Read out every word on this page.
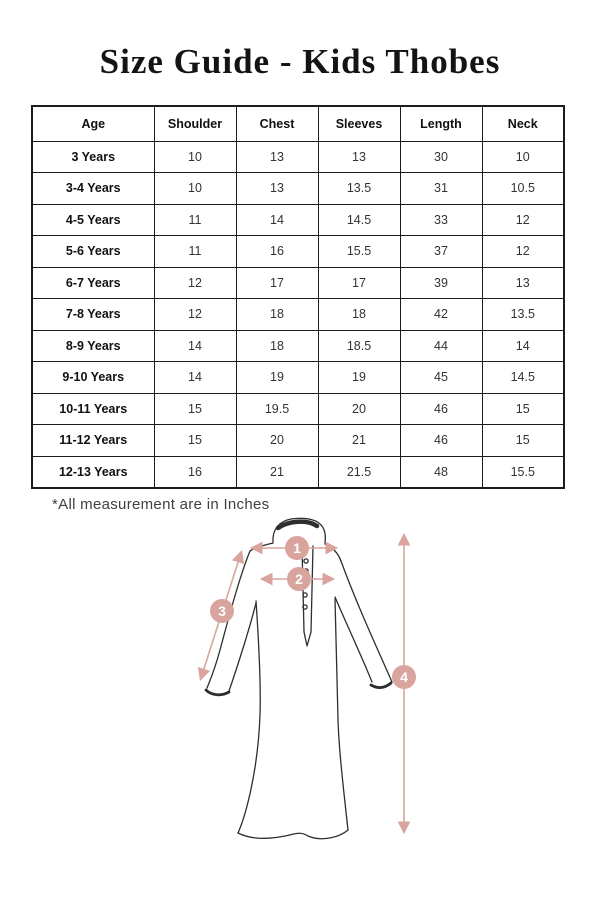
Size Guide - Kids Thobes
Age	Shoulder	Chest	Sleeves	Length	Neck
3 Years	10	13	13	30	10
3-4 Years	10	13	13.5	31	10.5
4-5 Years	11	14	14.5	33	12
5-6 Years	11	16	15.5	37	12
6-7 Years	12	17	17	39	13
7-8 Years	12	18	18	42	13.5
8-9 Years	14	18	18.5	44	14
9-10 Years	14	19	19	45	14.5
10-11 Years	15	19.5	20	46	15
11-12 Years	15	20	21	46	15
12-13 Years	16	21	21.5	48	15.5
*All measurement are in Inches
1
2
3
4
